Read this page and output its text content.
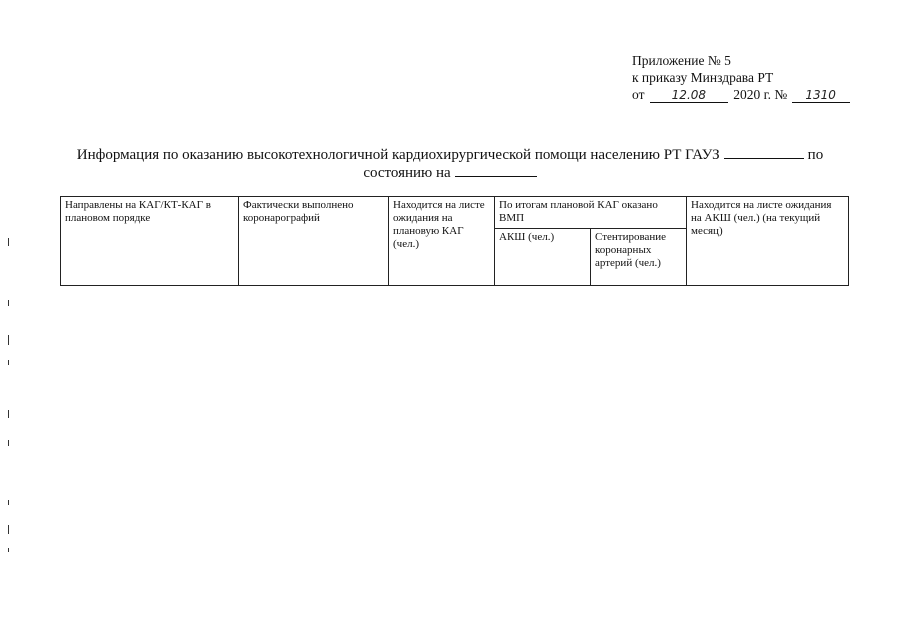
Приложение № 5
к приказу Минздрава РТ
от 12.08 2020 г. № 1310
Информация по оказанию высокотехнологичной кардиохирургической помощи населению РТ ГАУЗ	по
состоянию на
Направлены на КАГ/КТ-КАГ в плановом порядке	Фактически выполнено коронарографий	Находится на листе ожидания на плановую КАГ (чел.)	По итогам плановой КАГ оказано ВМП		Находится на листе ожидания на АКШ (чел.) (на текущий месяц)
			АКШ (чел.)	Стентирование коронарных артерий (чел.)	
